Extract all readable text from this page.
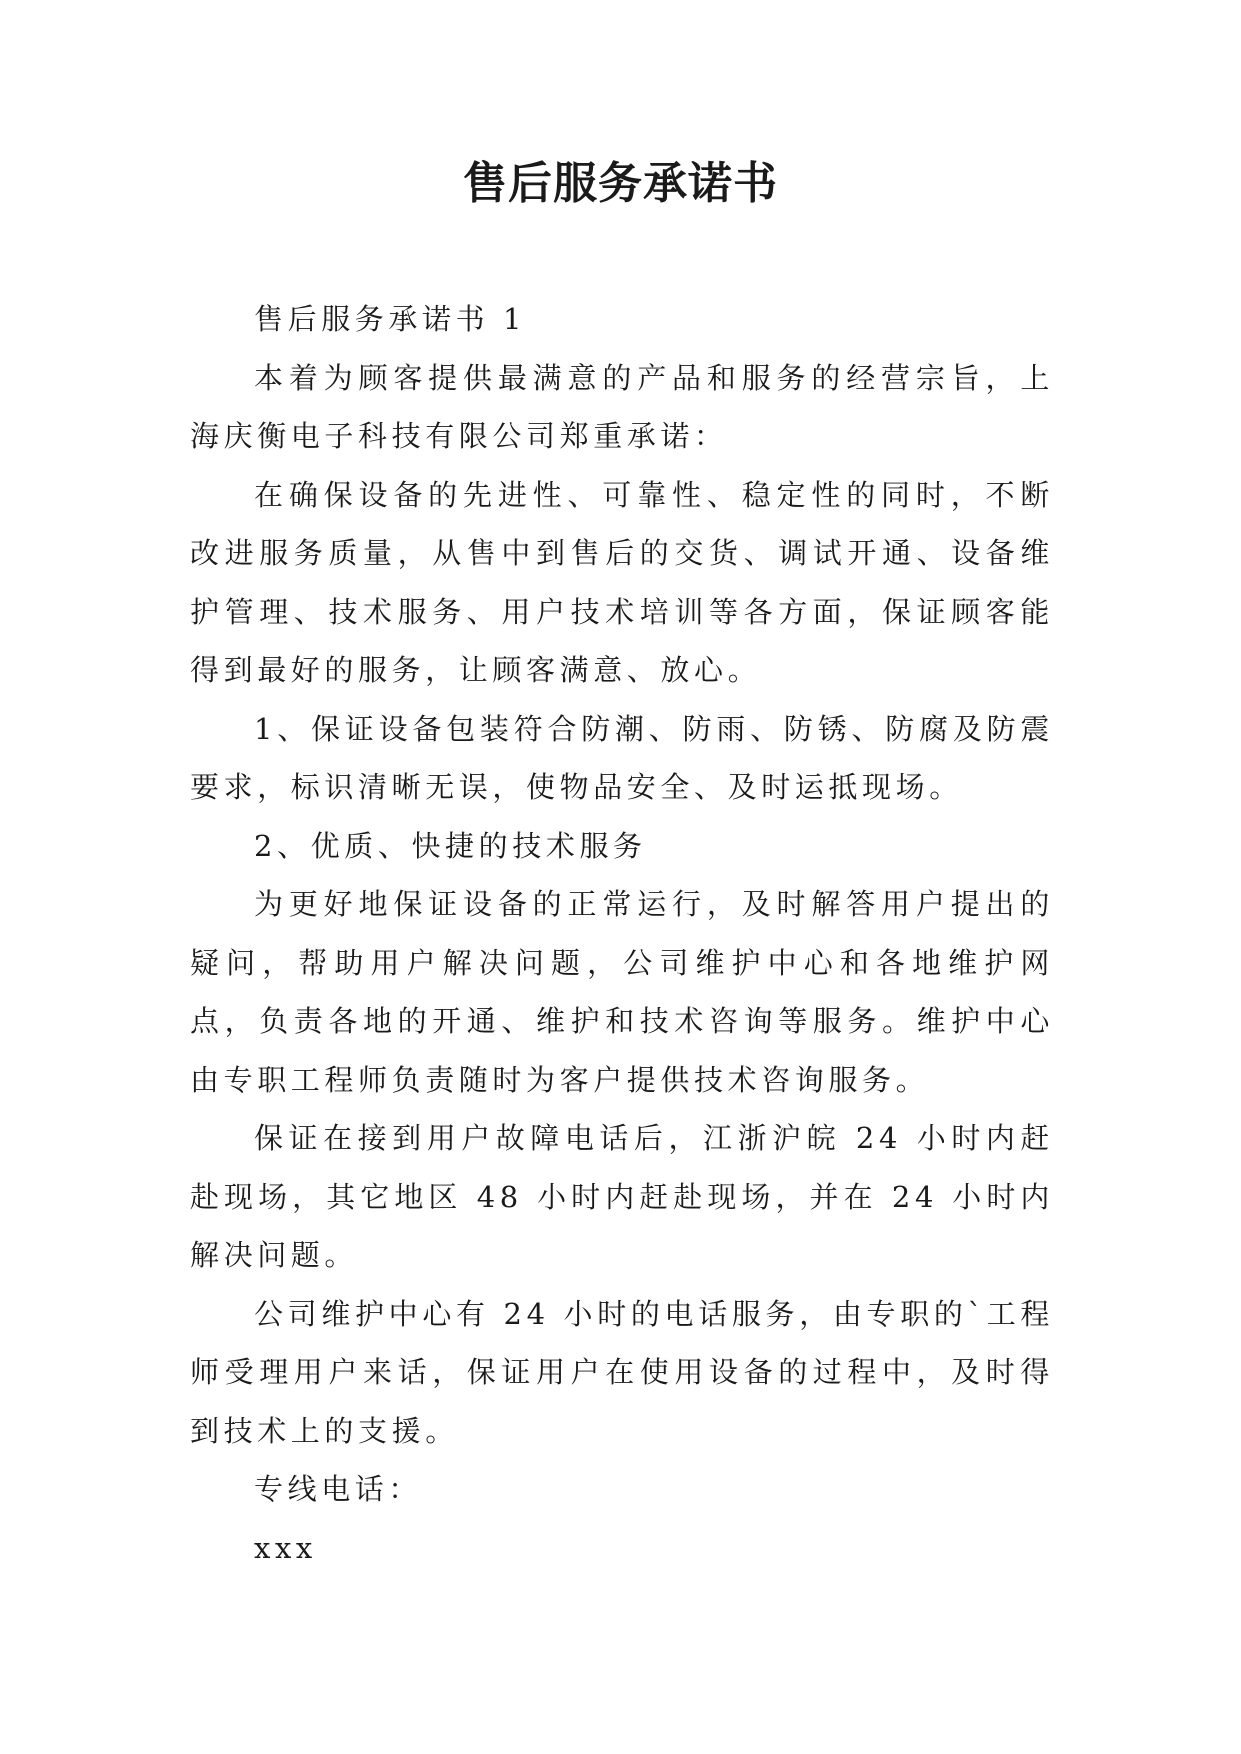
售后服务承诺书

售后服务承诺书 1

本着为顾客提供最满意的产品和服务的经营宗旨，上海庆衡电子科技有限公司郑重承诺：

在确保设备的先进性、可靠性、稳定性的同时，不断改进服务质量，从售中到售后的交货、调试开通、设备维护管理、技术服务、用户技术培训等各方面，保证顾客能得到最好的服务，让顾客满意、放心。

1、保证设备包装符合防潮、防雨、防锈、防腐及防震要求，标识清晰无误，使物品安全、及时运抵现场。

2、优质、快捷的技术服务

为更好地保证设备的正常运行，及时解答用户提出的疑问，帮助用户解决问题，公司维护中心和各地维护网点，负责各地的开通、维护和技术咨询等服务。维护中心由专职工程师负责随时为客户提供技术咨询服务。

保证在接到用户故障电话后，江浙沪皖 24 小时内赶赴现场，其它地区 48 小时内赶赴现场，并在 24 小时内解决问题。

公司维护中心有 24 小时的电话服务，由专职的`工程师受理用户来话，保证用户在使用设备的过程中，及时得到技术上的支援。

专线电话：

xxx
